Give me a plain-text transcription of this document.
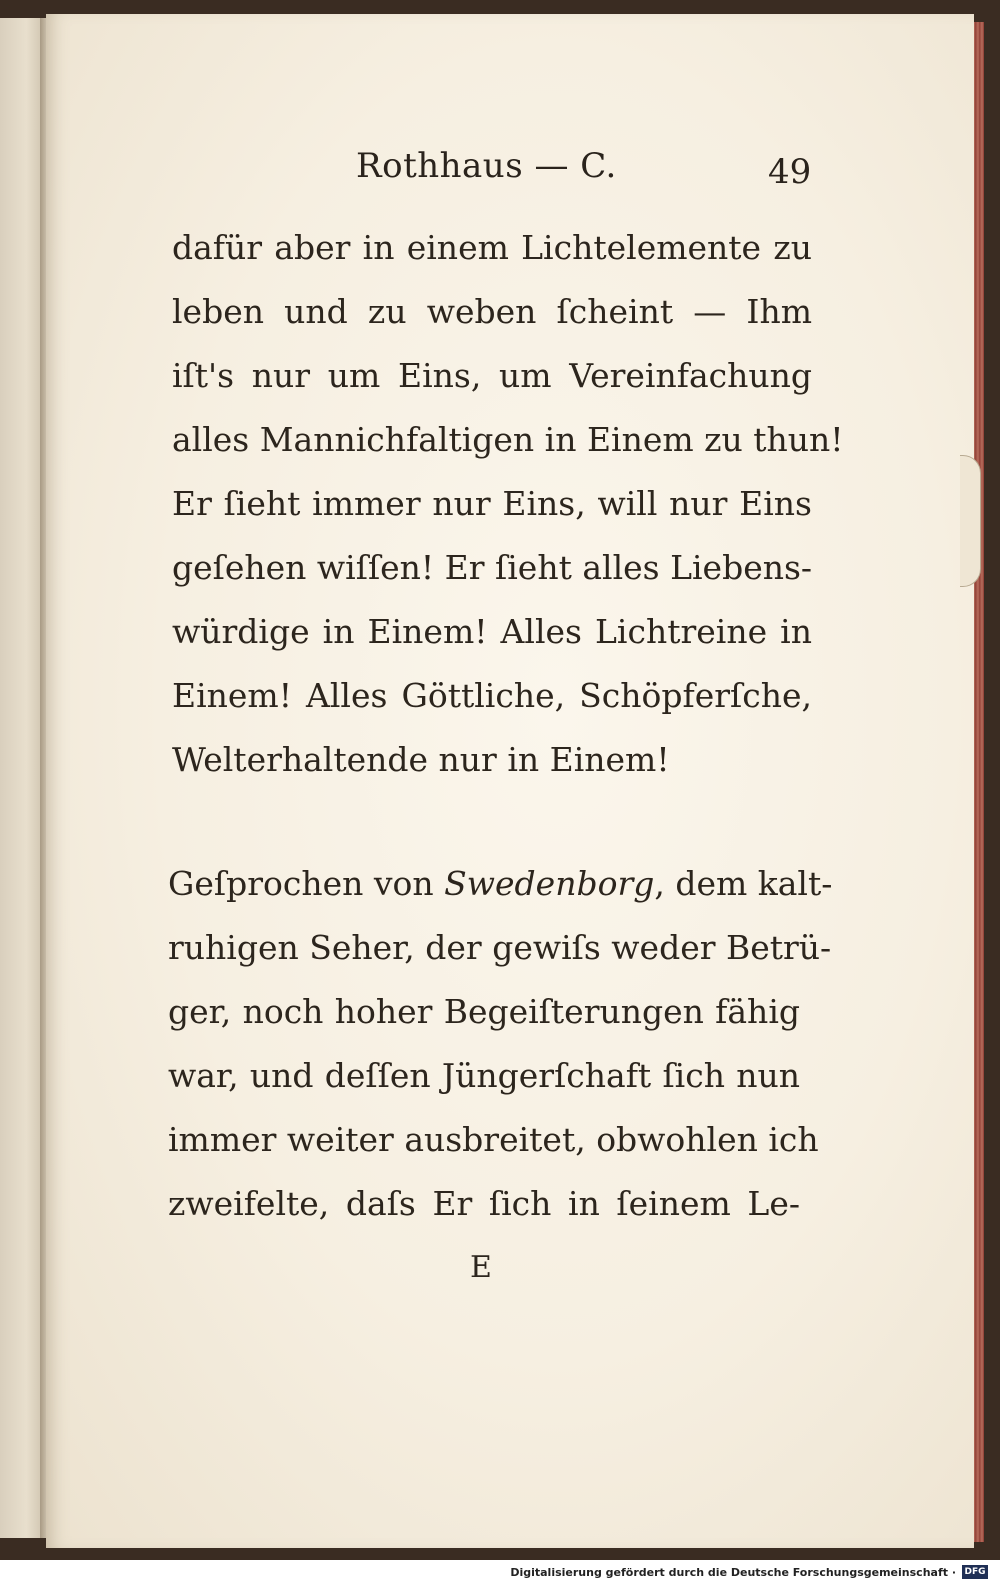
Rothhaus — C.	49
dafür aber in einem Lichtelemente zu
leben und zu weben ſcheint — Ihm
iſt's nur um Eins, um Vereinfachung
alles Mannichfaltigen in Einem zu thun!
Er ſieht immer nur Eins, will nur Eins
geſehen wiſſen! Er ſieht alles Liebens-
würdige in Einem! Alles Lichtreine in
Einem! Alles Göttliche, Schöpferſche,
Welterhaltende nur in Einem!
Geſprochen von Swedenborg, dem kalt-
ruhigen Seher, der gewiſs weder Betrü-
ger, noch hoher Begeiſterungen fähig
war, und deſſen Jüngerſchaft ſich nun
immer weiter ausbreitet, obwohlen ich
zweifelte, daſs Er ſich in ſeinem Le-
E
Digitalisierung gefördert durch die Deutsche Forschungsgemeinschaft · DFG
